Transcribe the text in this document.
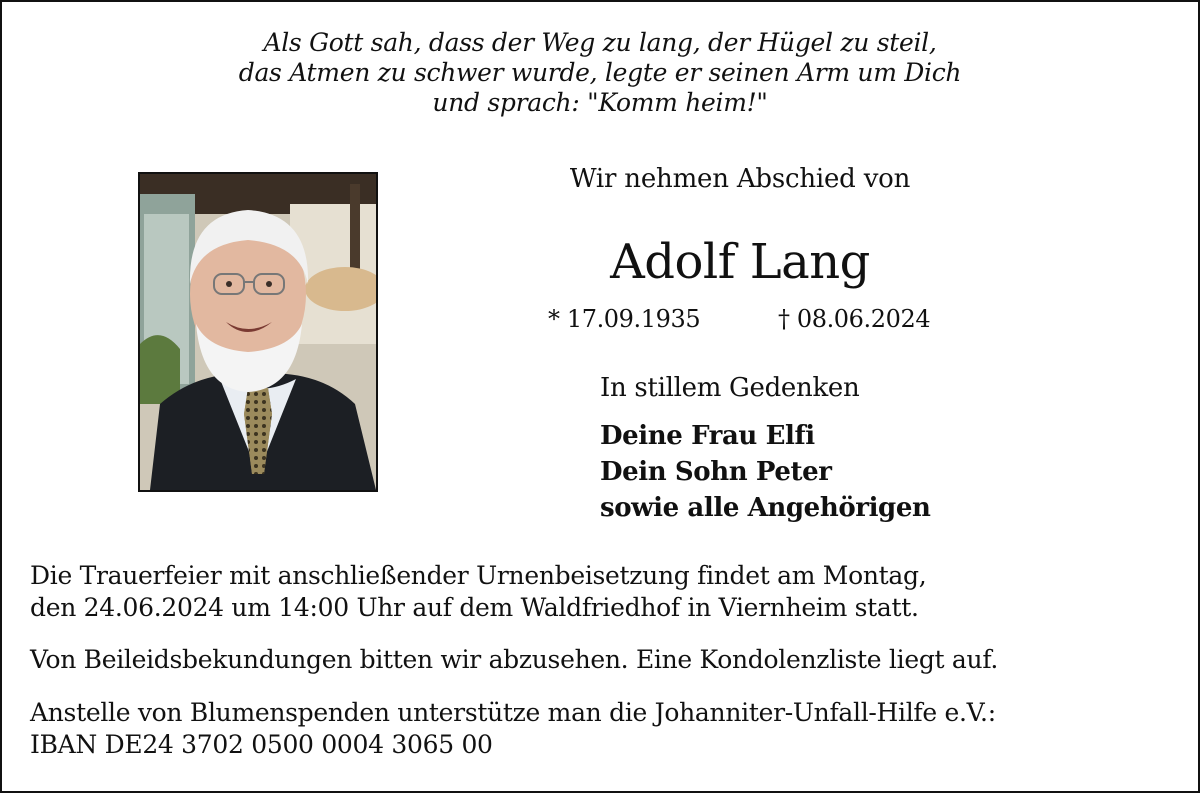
Als Gott sah, dass der Weg zu lang, der Hügel zu steil,
das Atmen zu schwer wurde, legte er seinen Arm um Dich
und sprach: "Komm heim!"
Wir nehmen Abschied von
Adolf Lang
* 17.09.1935	† 08.06.2024
In stillem Gedenken
Deine Frau Elfi
Dein Sohn Peter
sowie alle Angehörigen
Die Trauerfeier mit anschließender Urnenbeisetzung findet am Montag,
den 24.06.2024 um 14:00 Uhr auf dem Waldfriedhof in Viernheim statt.
Von Beileidsbekundungen bitten wir abzusehen. Eine Kondolenzliste liegt auf.
Anstelle von Blumenspenden unterstütze man die Johanniter-Unfall-Hilfe e.V.:
IBAN DE24 3702 0500 0004 3065 00
